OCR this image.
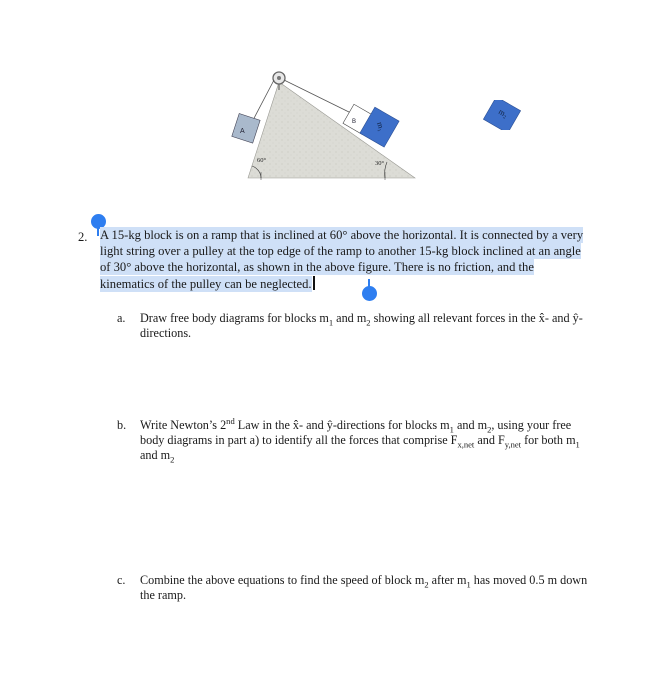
A
B m₁
60°	30°
m₂
2. A 15-kg block is on a ramp that is inclined at 60° above the horizontal. It is connected by a very light string over a pulley at the top edge of the ramp to another 15-kg block inclined at an angle of 30° above the horizontal, as shown in the above figure. There is no friction, and the kinematics of the pulley can be neglected.
a. Draw free body diagrams for blocks $m_1$ and $m_2$ showing all relevant forces in the x̂- and ŷ-directions.
b. Write Newton’s 2nd Law in the x̂- and ŷ-directions for blocks $m_1$ and $m_2$, using your free body diagrams in part a) to identify all the forces that comprise $F_{x,net}$ and $F_{y,net}$ for both $m_1$ and $m_2$
c. Combine the above equations to find the speed of block $m_2$ after $m_1$ has moved 0.5 m down the ramp.
